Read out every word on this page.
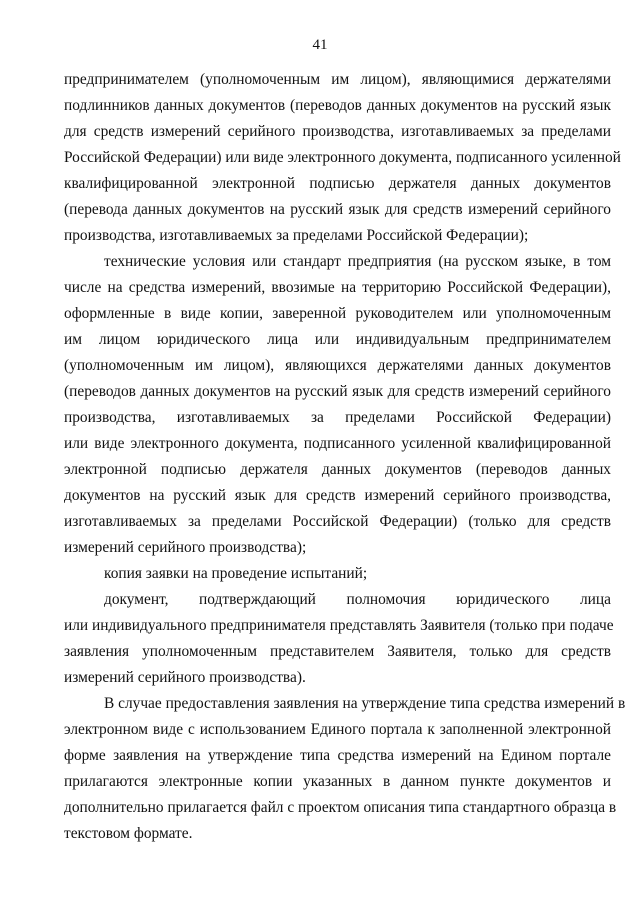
41

предпринимателем (уполномоченным им лицом), являющимися держателями
подлинников данных документов (переводов данных документов на русский язык
для средств измерений серийного производства, изготавливаемых за пределами
Российской Федерации) или виде электронного документа, подписанного усиленной
квалифицированной электронной подписью держателя данных документов
(перевода данных документов на русский язык для средств измерений серийного
производства, изготавливаемых за пределами Российской Федерации);

технические условия или стандарт предприятия (на русском языке, в том
числе на средства измерений, ввозимые на территорию Российской Федерации),
оформленные в виде копии, заверенной руководителем или уполномоченным
им лицом юридического лица или индивидуальным предпринимателем
(уполномоченным им лицом), являющихся держателями данных документов
(переводов данных документов на русский язык для средств измерений серийного
производства, изготавливаемых за пределами Российской Федерации)
или виде электронного документа, подписанного усиленной квалифицированной
электронной подписью держателя данных документов (переводов данных
документов на русский язык для средств измерений серийного производства,
изготавливаемых за пределами Российской Федерации) (только для средств
измерений серийного производства);

копия заявки на проведение испытаний;

документ, подтверждающий полномочия юридического лица
или индивидуального предпринимателя представлять Заявителя (только при подаче
заявления уполномоченным представителем Заявителя, только для средств
измерений серийного производства).

В случае предоставления заявления на утверждение типа средства измерений в
электронном виде с использованием Единого портала к заполненной электронной
форме заявления на утверждение типа средства измерений на Едином портале
прилагаются электронные копии указанных в данном пункте документов и
дополнительно прилагается файл с проектом описания типа стандартного образца в
текстовом формате.
